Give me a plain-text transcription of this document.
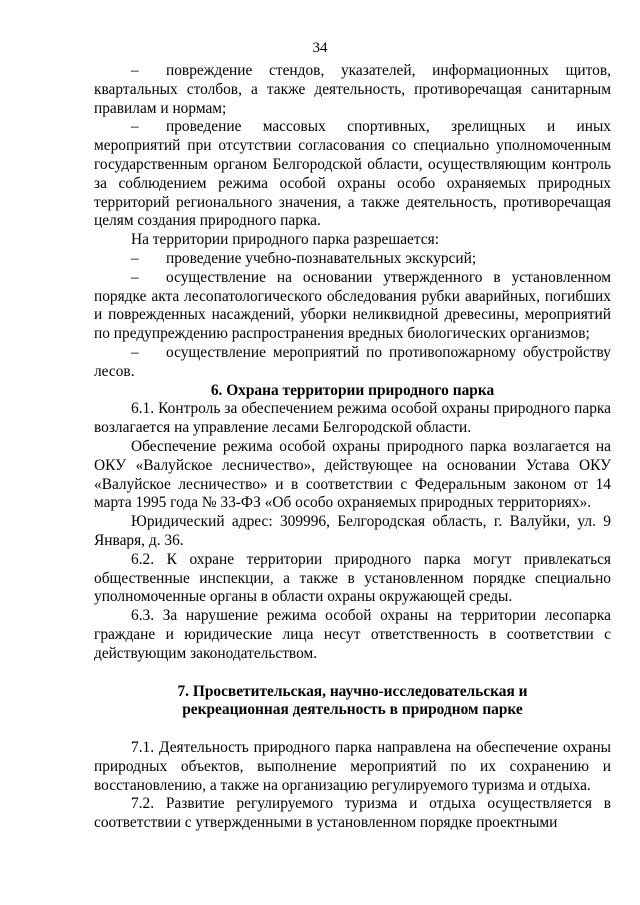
34

– повреждение стендов, указателей, информационных щитов, квартальных столбов, а также деятельность, противоречащая санитарным правилам и нормам;

– проведение массовых спортивных, зрелищных и иных мероприятий при отсутствии согласования со специально уполномоченным государственным органом Белгородской области, осуществляющим контроль за соблюдением режима особой охраны особо охраняемых природных территорий регионального значения, а также деятельность, противоречащая целям создания природного парка.

На территории природного парка разрешается:

– проведение учебно-познавательных экскурсий;

– осуществление на основании утвержденного в установленном порядке акта лесопатологического обследования рубки аварийных, погибших и поврежденных насаждений, уборки неликвидной древесины, мероприятий по предупреждению распространения вредных биологических организмов;

– осуществление мероприятий по противопожарному обустройству лесов.

6. Охрана территории природного парка

6.1. Контроль за обеспечением режима особой охраны природного парка возлагается на управление лесами Белгородской области.

Обеспечение режима особой охраны природного парка возлагается на ОКУ «Валуйское лесничество», действующее на основании Устава ОКУ «Валуйское лесничество» и в соответствии с Федеральным законом от 14 марта 1995 года № 33-ФЗ «Об особо охраняемых природных территориях».

Юридический адрес: 309996, Белгородская область, г. Валуйки, ул. 9 Января, д. 36.

6.2. К охране территории природного парка могут привлекаться общественные инспекции, а также в установленном порядке специально уполномоченные органы в области охраны окружающей среды.

6.3. За нарушение режима особой охраны на территории лесопарка граждане и юридические лица несут ответственность в соответствии с действующим законодательством.

7. Просветительская, научно-исследовательская и
рекреационная деятельность в природном парке

7.1. Деятельность природного парка направлена на обеспечение охраны природных объектов, выполнение мероприятий по их сохранению и восстановлению, а также на организацию регулируемого туризма и отдыха.

7.2. Развитие регулируемого туризма и отдыха осуществляется в соответствии с утвержденными в установленном порядке проектными
